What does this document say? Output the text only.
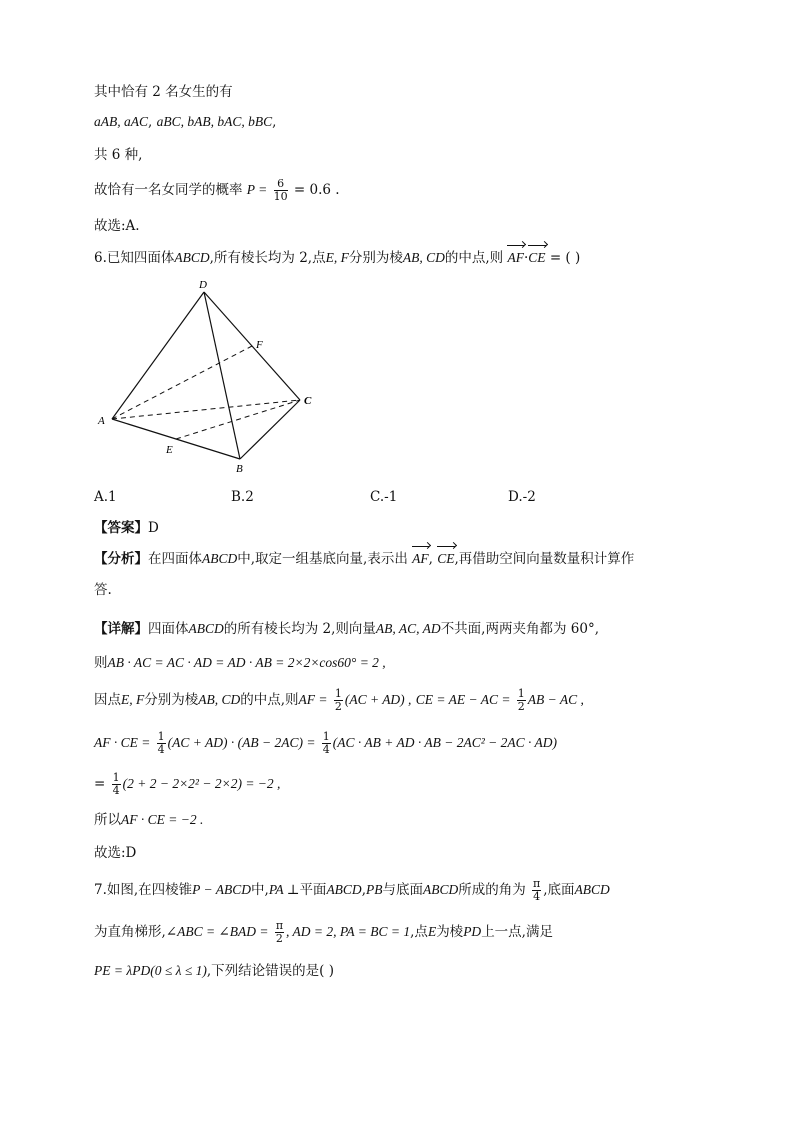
其中恰有 2 名女生的有
aAB, aAC, aBC, bAB, bAC, bBC,
共 6 种,
故恰有一名女同学的概率 $P = \frac{6}{10} = 0.6$ .
故选:A.
6.已知四面体ABCD,所有棱长均为 2,点E, F分别为棱AB, CD的中点,则 AF·CE = ( )
D
F
C
A
E
B
A.1	B.2	C.-1	D.-2
【答案】D
【分析】在四面体ABCD中,取定一组基底向量,表示出 AF, CE,再借助空间向量数量积计算作
答.
【详解】四面体ABCD的所有棱长均为 2,则向量AB, AC, AD不共面,两两夹角都为 60°,
则AB · AC = AC · AD = AD · AB = 2×2×cos60° = 2 ,
因点E, F分别为棱AB, CD的中点,则AF = $\frac{1}{2} (AC + AD)$ , CE = AE − AC = $\frac{1}{2}$ AB − AC ,
AF · CE = $\frac{1}{4} (AC + AD) \cdot (AB - 2AC) = \frac{1}{4} (AC$ · AB + AD · AB − 2AC² − 2AC · AD)
= $\frac{1}{4} (2 + 2 - 2\times 2^2 - 2\times 2) = -2$ ,
所以AF · CE = −2 .
故选:D
7.如图,在四棱锥P − ABCD中,PA ⊥平面ABCD,PB与底面ABCD所成的角为 $\frac{\pi}{4}$ ,底面ABCD
为直角梯形,∠ABC = ∠BAD = $\frac{\pi}{2}$ , AD = 2, PA = BC = 1,点E为棱PD上一点,满足
PE = λPD(0 ≤ λ ≤ 1),下列结论错误的是( )
